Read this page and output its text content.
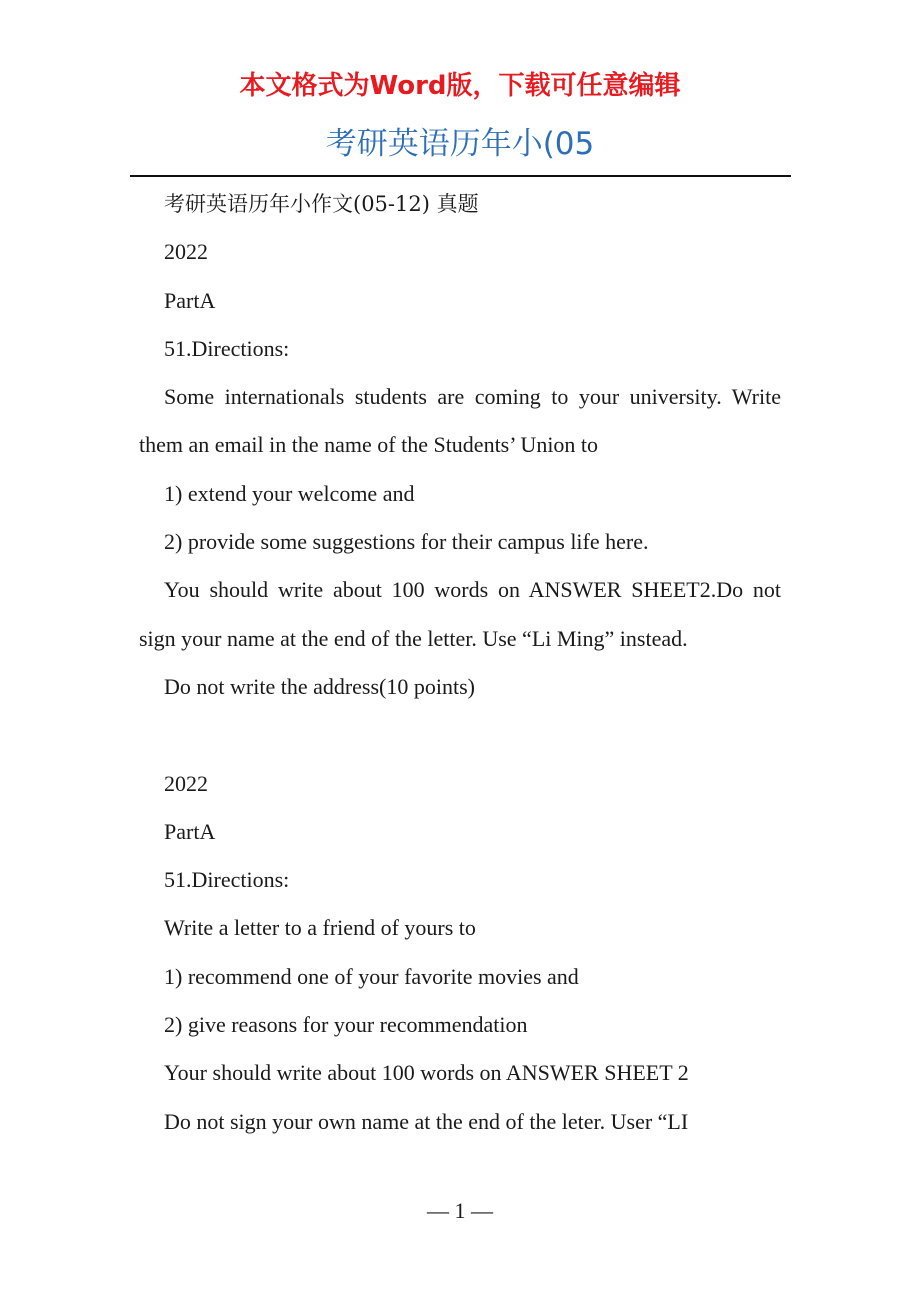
本文格式为Word版，下载可任意编辑
考研英语历年小(05

考研英语历年小作文(05-12) 真题

2022

PartA

51.Directions:

Some internationals students are coming to your university. Write them an email in the name of the Students’ Union to

1) extend your welcome and

2) provide some suggestions for their campus life here.

You should write about 100 words on ANSWER SHEET2.Do not sign your name at the end of the letter. Use “Li Ming” instead.

Do not write the address(10 points)

2022

PartA

51.Directions:

Write a letter to a friend of yours to

1) recommend one of your favorite movies and

2) give reasons for your recommendation

Your should write about 100 words on ANSWER SHEET 2

Do not sign your own name at the end of the leter. User “LI

— 1 —
